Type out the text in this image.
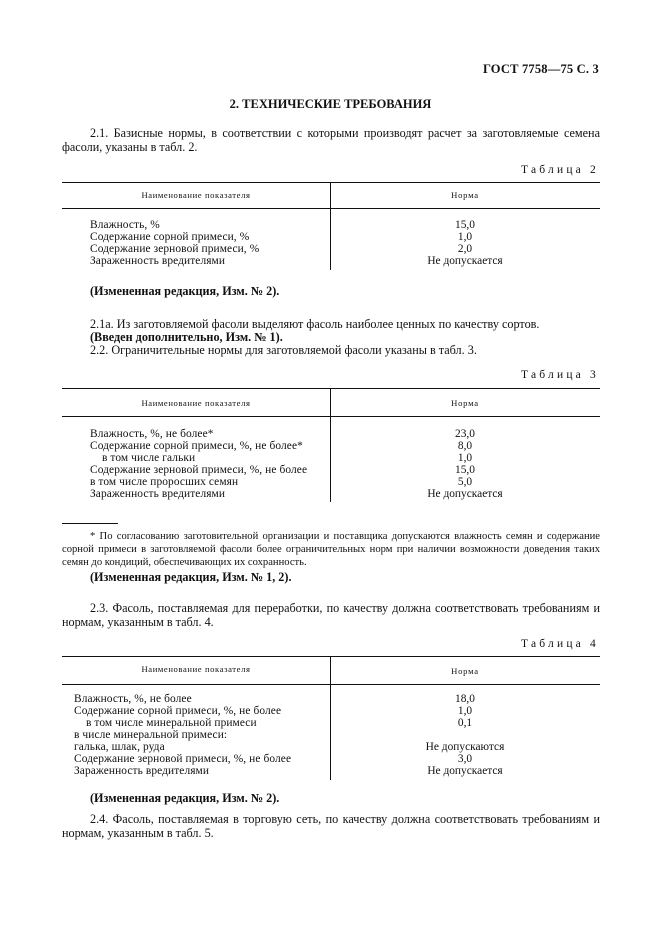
ГОСТ 7758—75 С. 3
2. ТЕХНИЧЕСКИЕ ТРЕБОВАНИЯ
2.1. Базисные нормы, в соответствии с которыми производят расчет за заготовляемые семена фасоли, указаны в табл. 2.
Таблица 2
Наименование показателя	Норма
Влажность, %	15,0
Содержание сорной примеси, %	1,0
Содержание зерновой примеси, %	2,0
Зараженность вредителями	Не допускается
(Измененная редакция, Изм. № 2).
2.1а. Из заготовляемой фасоли выделяют фасоль наиболее ценных по качеству сортов.
(Введен дополнительно, Изм. № 1).
2.2. Ограничительные нормы для заготовляемой фасоли указаны в табл. 3.
Таблица 3
Наименование показателя	Норма
Влажность, %, не более*	23,0
Содержание сорной примеси, %, не более*	8,0
в том числе гальки	1,0
Содержание зерновой примеси, %, не более	15,0
в том числе проросших семян	5,0
Зараженность вредителями	Не допускается
* По согласованию заготовительной организации и поставщика допускаются влажность семян и содержание сорной примеси в заготовляемой фасоли более ограничительных норм при наличии возможности доведения таких семян до кондиций, обеспечивающих их сохранность.
(Измененная редакция, Изм. № 1, 2).
2.3. Фасоль, поставляемая для переработки, по качеству должна соответствовать требованиям и нормам, указанным в табл. 4.
Таблица 4
Наименование показателя	Норма
Влажность, %, не более	18,0
Содержание сорной примеси, %, не более	1,0
в том числе минеральной примеси	0,1
в числе минеральной примеси:
галька, шлак, руда	Не допускаются
Содержание зерновой примеси, %, не более	3,0
Зараженность вредителями	Не допускается
(Измененная редакция, Изм. № 2).
2.4. Фасоль, поставляемая в торговую сеть, по качеству должна соответствовать требованиям и нормам, указанным в табл. 5.
